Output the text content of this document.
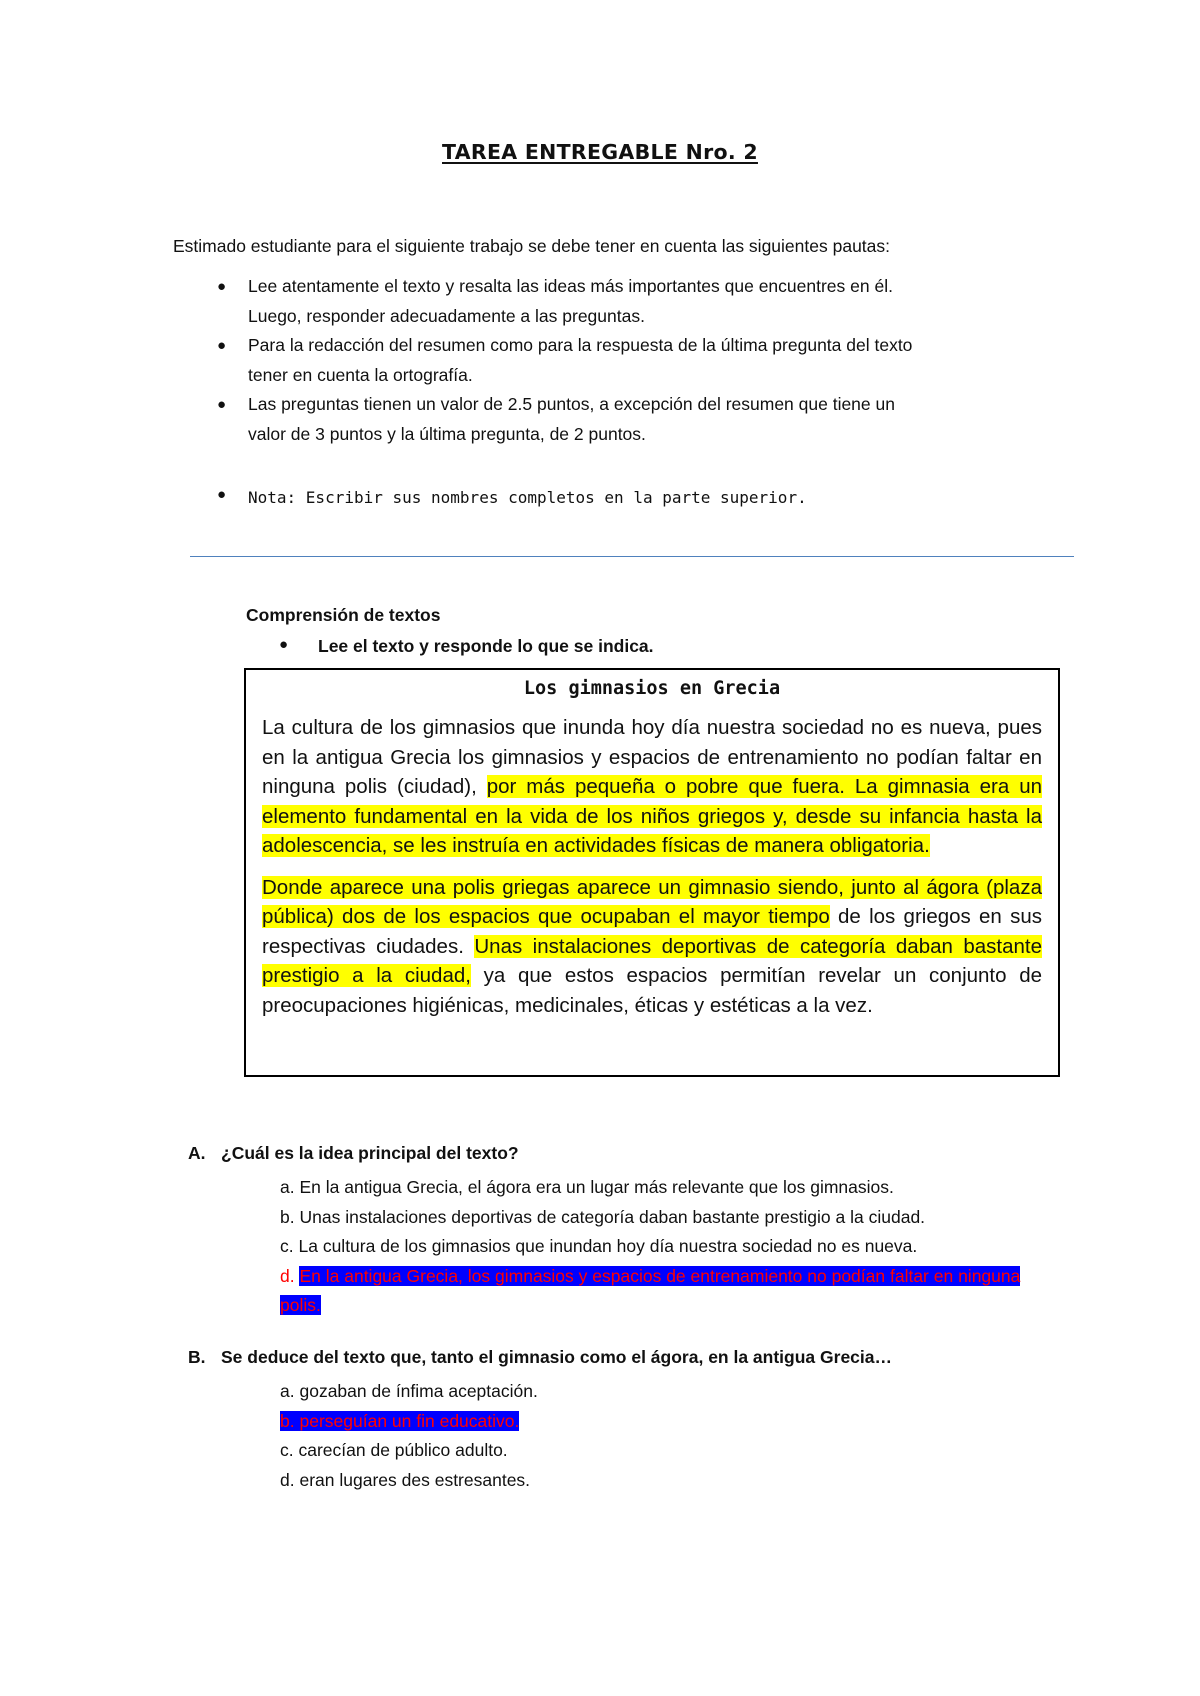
TAREA ENTREGABLE Nro. 2
Estimado estudiante para el siguiente trabajo se debe tener en cuenta las siguientes pautas:
● Lee atentamente el texto y resalta las ideas más importantes que encuentres en él.
Luego, responder adecuadamente a las preguntas.
● Para la redacción del resumen como para la respuesta de la última pregunta del texto
tener en cuenta la ortografía.
● Las preguntas tienen un valor de 2.5 puntos, a excepción del resumen que tiene un
valor de 3 puntos y la última pregunta, de 2 puntos.
● Nota: Escribir sus nombres completos en la parte superior.
Comprensión de textos
● Lee el texto y responde lo que se indica.
Los gimnasios en Grecia

La cultura de los gimnasios que inunda hoy día nuestra sociedad no es nueva, pues en la antigua Grecia los gimnasios y espacios de entrenamiento no podían faltar en ninguna polis (ciudad), por más pequeña o pobre que fuera. La gimnasia era un elemento fundamental en la vida de los niños griegos y, desde su infancia hasta la adolescencia, se les instruía en actividades físicas de manera obligatoria.

Donde aparece una polis griegas aparece un gimnasio siendo, junto al ágora (plaza pública) dos de los espacios que ocupaban el mayor tiempo de los griegos en sus respectivas ciudades. Unas instalaciones deportivas de categoría daban bastante prestigio a la ciudad, ya que estos espacios permitían revelar un conjunto de preocupaciones higiénicas, medicinales, éticas y estéticas a la vez.

A. ¿Cuál es la idea principal del texto?
a. En la antigua Grecia, el ágora era un lugar más relevante que los gimnasios.
b. Unas instalaciones deportivas de categoría daban bastante prestigio a la ciudad.
c. La cultura de los gimnasios que inundan hoy día nuestra sociedad no es nueva.
d. En la antigua Grecia, los gimnasios y espacios de entrenamiento no podían faltar en ninguna polis.
B. Se deduce del texto que, tanto el gimnasio como el ágora, en la antigua Grecia…
a. gozaban de ínfima aceptación.
b. perseguían un fin educativo.
c. carecían de público adulto.
d. eran lugares des estresantes.
